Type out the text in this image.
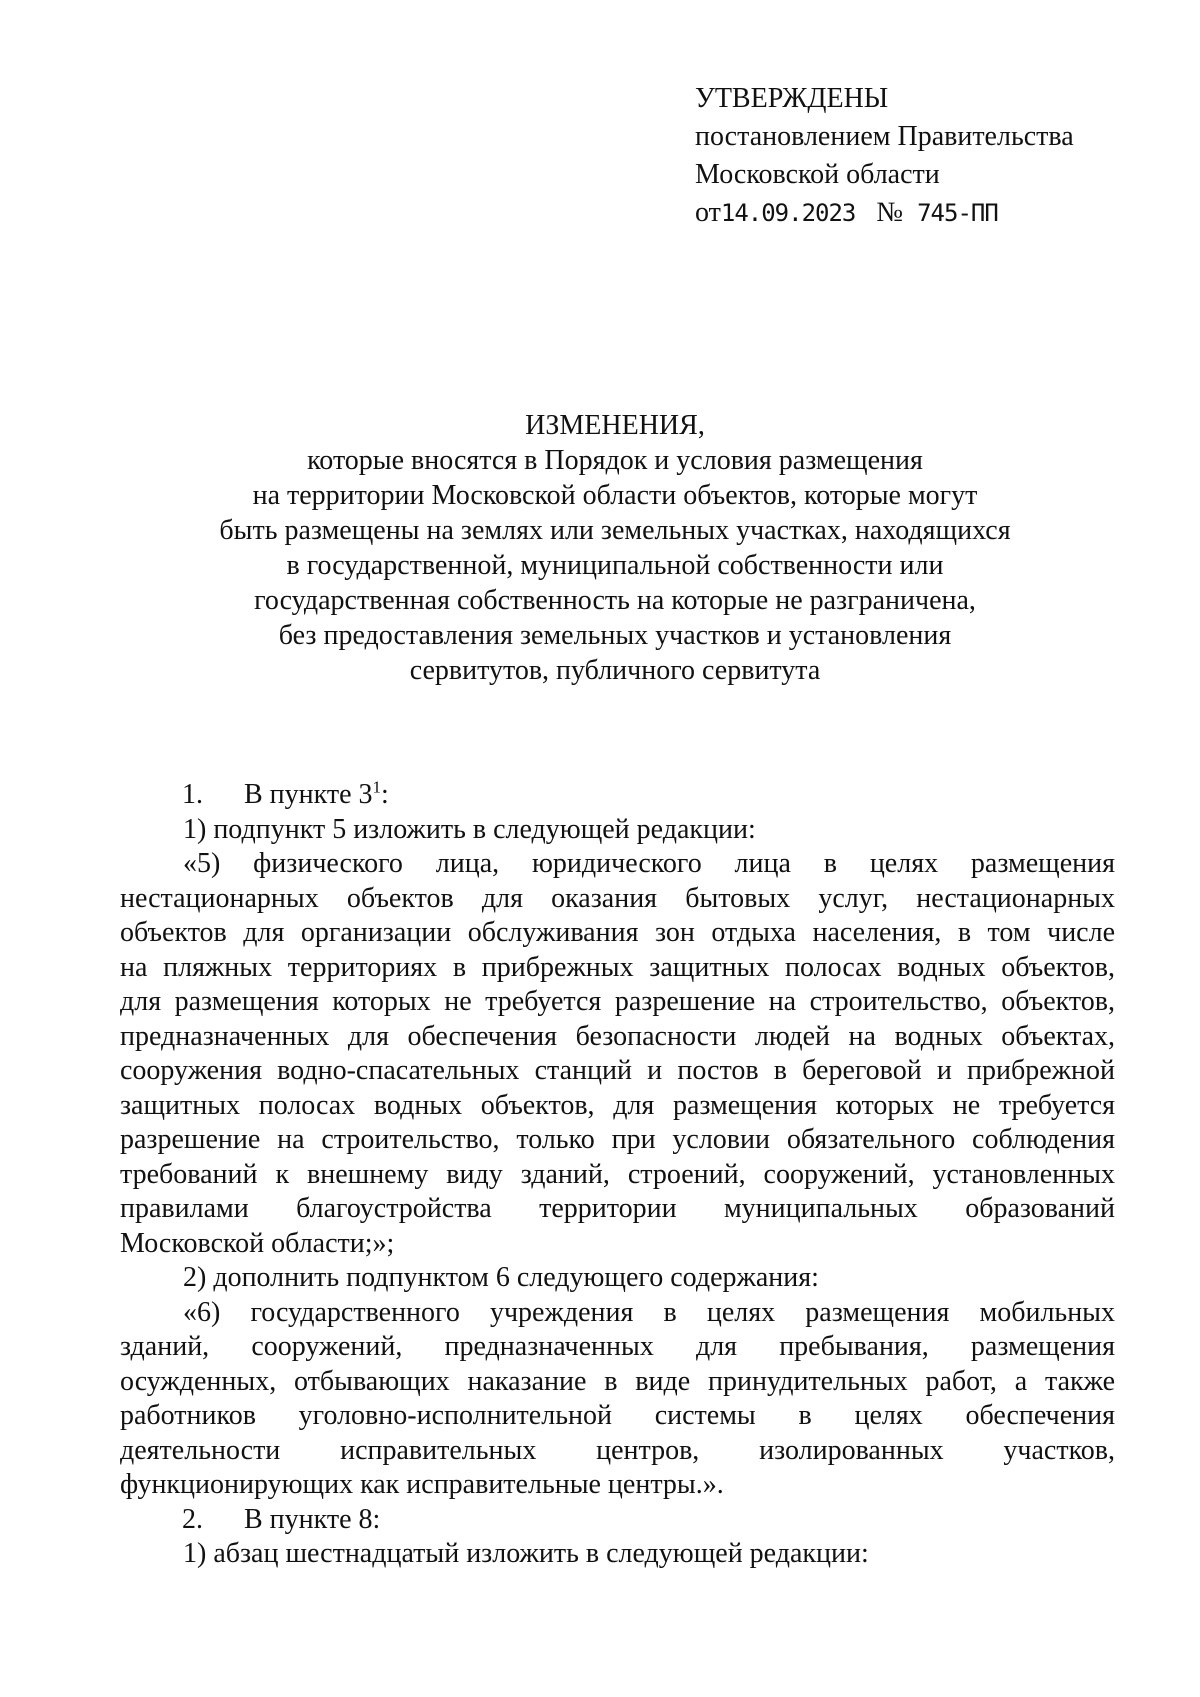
УТВЕРЖДЕНЫ
постановлением Правительства
Московской области
от14.09.2023 № 745-ПП
ИЗМЕНЕНИЯ,
которые вносятся в Порядок и условия размещения
на территории Московской области объектов, которые могут
быть размещены на землях или земельных участках, находящихся
в государственной, муниципальной собственности или
государственная собственность на которые не разграничена,
без предоставления земельных участков и установления
сервитутов, публичного сервитута
1. В пункте $3^1$:
1) подпункт 5 изложить в следующей редакции:
«5) физического лица, юридического лица в целях размещения
нестационарных объектов для оказания бытовых услуг, нестационарных
объектов для организации обслуживания зон отдыха населения, в том числе
на пляжных территориях в прибрежных защитных полосах водных объектов,
для размещения которых не требуется разрешение на строительство, объектов,
предназначенных для обеспечения безопасности людей на водных объектах,
сооружения водно-спасательных станций и постов в береговой и прибрежной
защитных полосах водных объектов, для размещения которых не требуется
разрешение на строительство, только при условии обязательного соблюдения
требований к внешнему виду зданий, строений, сооружений, установленных
правилами благоустройства территории муниципальных образований
Московской области;»;
2) дополнить подпунктом 6 следующего содержания:
«6) государственного учреждения в целях размещения мобильных
зданий, сооружений, предназначенных для пребывания, размещения
осужденных, отбывающих наказание в виде принудительных работ, а также
работников уголовно-исполнительной системы в целях обеспечения
деятельности исправительных центров, изолированных участков,
функционирующих как исправительные центры.».
2. В пункте 8:
1) абзац шестнадцатый изложить в следующей редакции:
